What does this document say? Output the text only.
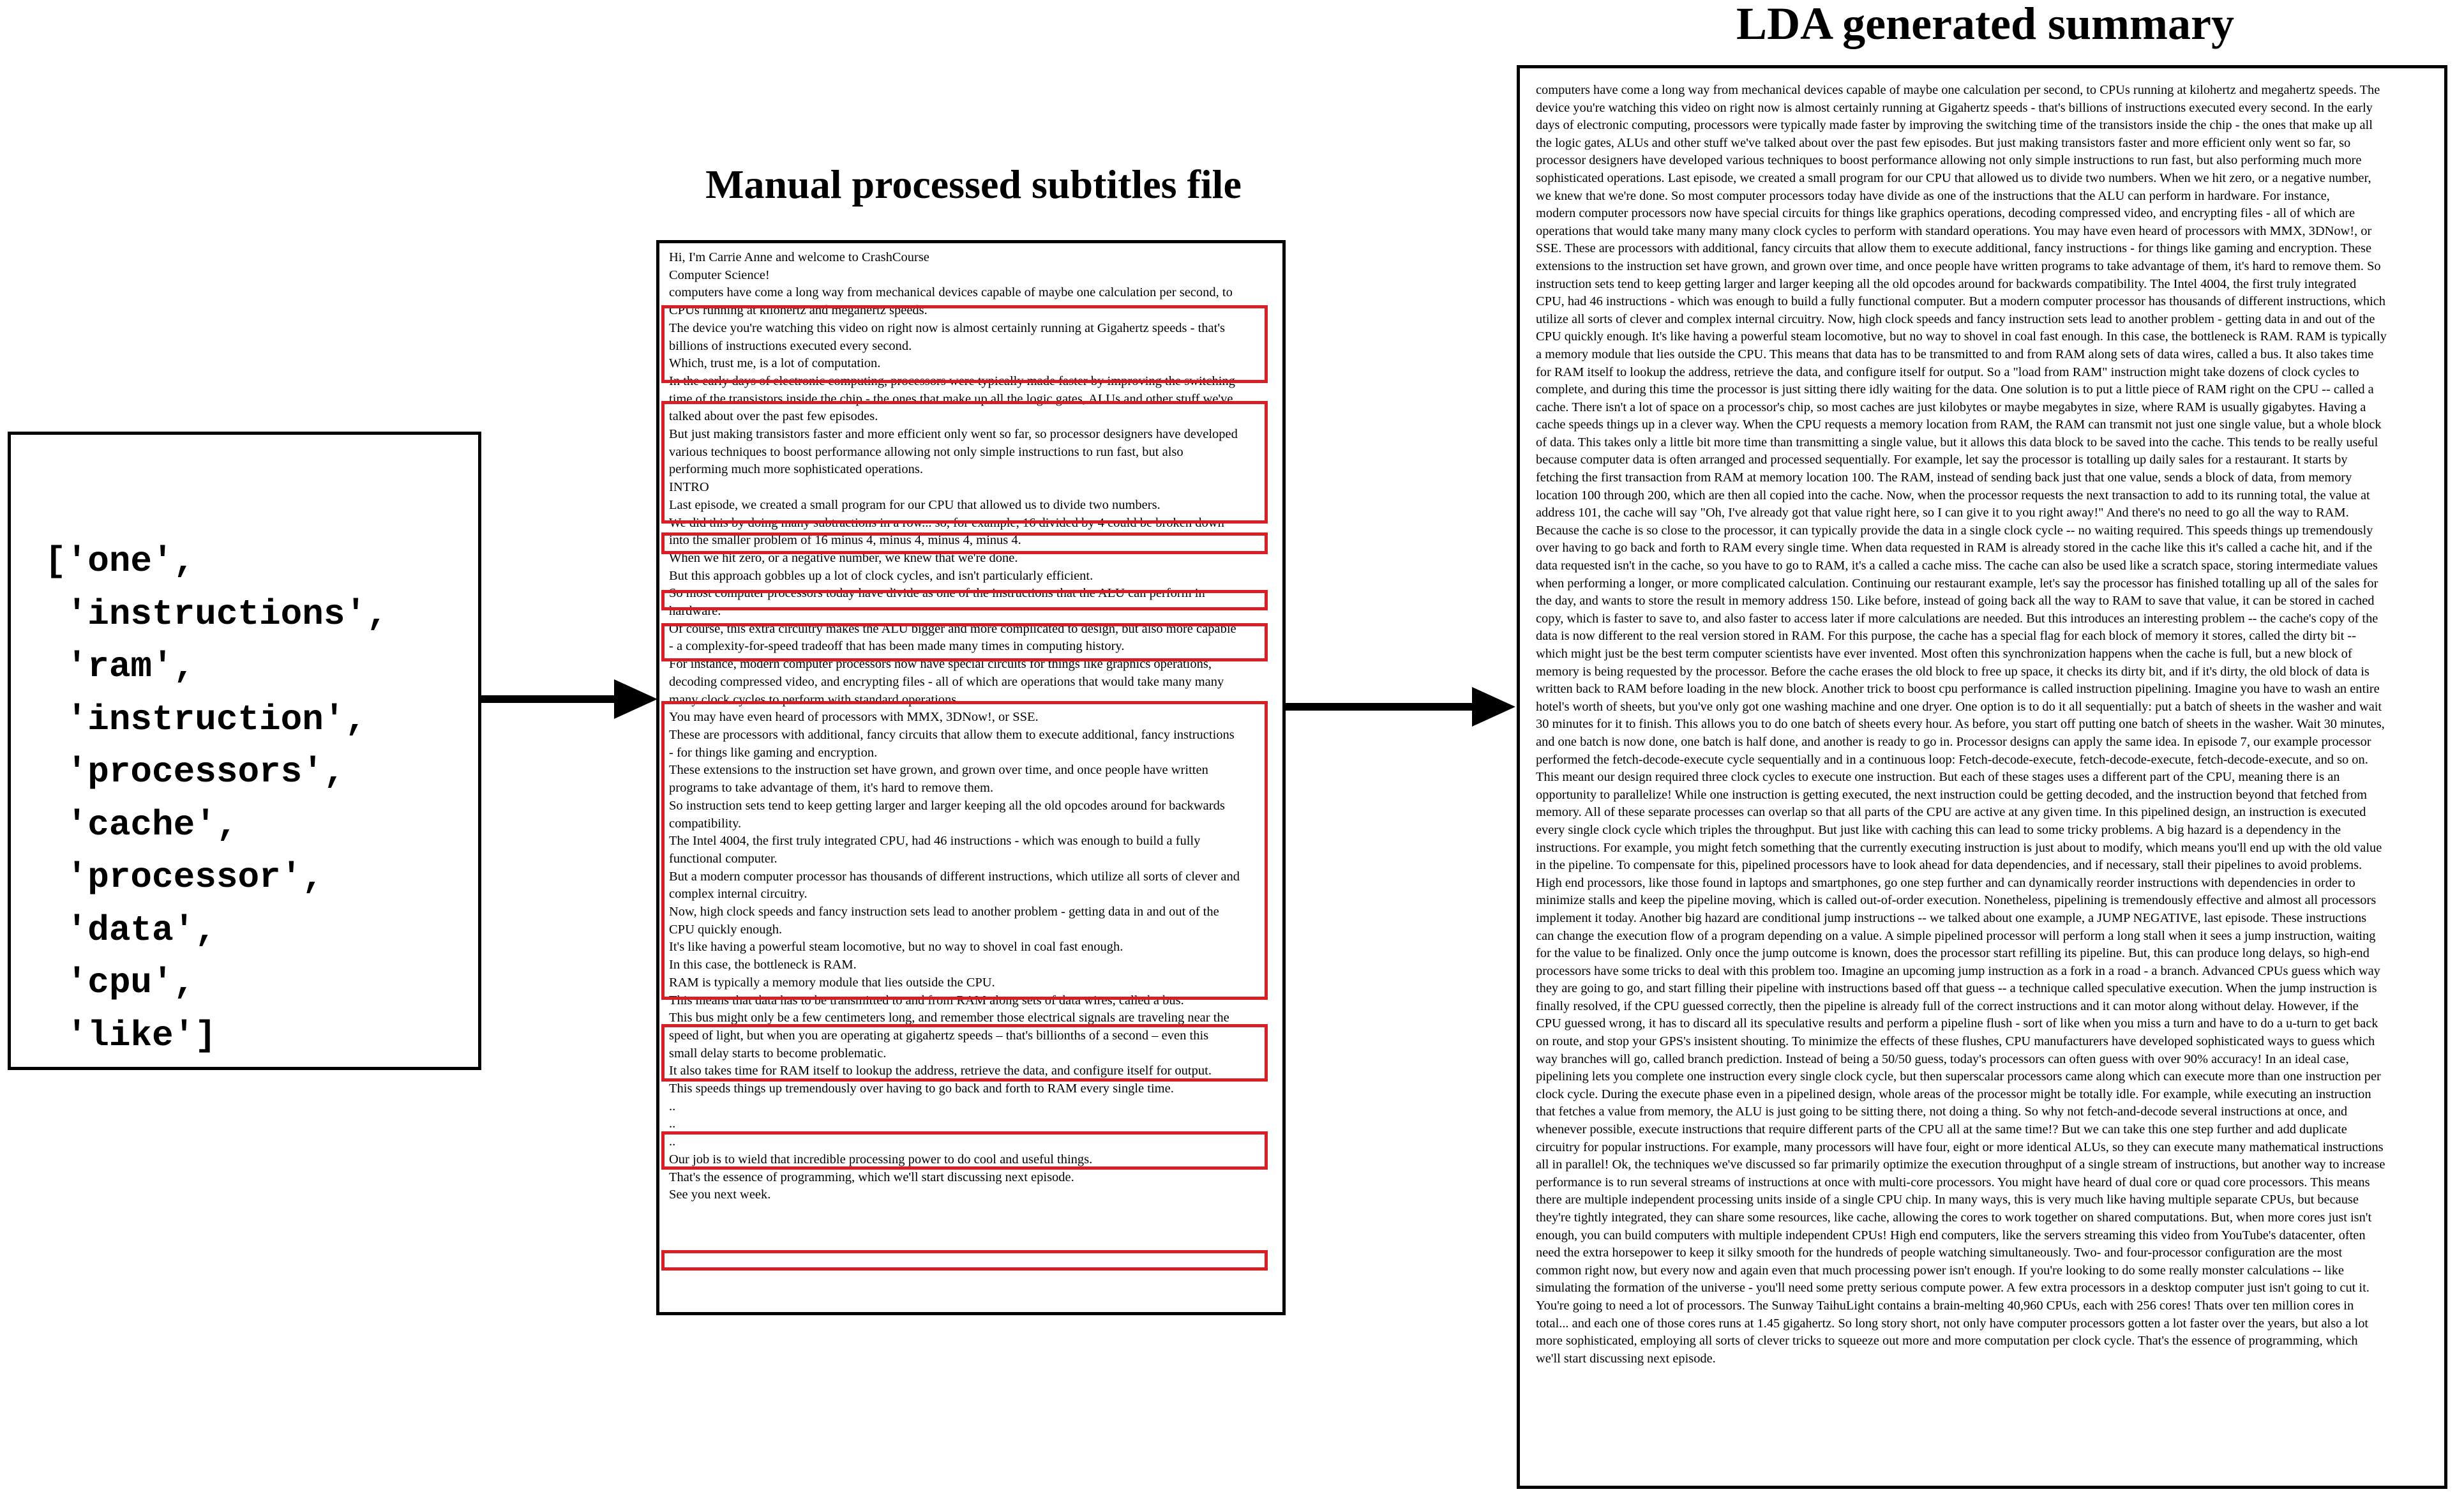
Manual processed subtitles file
LDA generated summary
['one',
'instructions',
'ram',
'instruction',
'processors',
'cache',
'processor',
'data',
'cpu',
'like']
Hi, I'm Carrie Anne and welcome to CrashCourse
Computer Science!
computers have come a long way from mechanical devices capable of maybe one calculation per second, to
CPUs running at kilohertz and megahertz speeds.
The device you're watching this video on right now is almost certainly running at Gigahertz speeds - that's
billions of instructions executed every second.
Which, trust me, is a lot of computation.
In the early days of electronic computing, processors were typically made faster by improving the switching
time of the transistors inside the chip - the ones that make up all the logic gates, ALUs and other stuff we've
talked about over the past few episodes.
But just making transistors faster and more efficient only went so far, so processor designers have developed
various techniques to boost performance allowing not only simple instructions to run fast, but also
performing much more sophisticated operations.
INTRO
Last episode, we created a small program for our CPU that allowed us to divide two numbers.
We did this by doing many subtractions in a row... so, for example, 16 divided by 4 could be broken down
into the smaller problem of 16 minus 4, minus 4, minus 4, minus 4.
When we hit zero, or a negative number, we knew that we're done.
But this approach gobbles up a lot of clock cycles, and isn't particularly efficient.
So most computer processors today have divide as one of the instructions that the ALU can perform in
hardware.
Of course, this extra circuitry makes the ALU bigger and more complicated to design, but also more capable
- a complexity-for-speed tradeoff that has been made many times in computing history.
For instance, modern computer processors now have special circuits for things like graphics operations,
decoding compressed video, and encrypting files - all of which are operations that would take many many
many clock cycles to perform with standard operations.
You may have even heard of processors with MMX, 3DNow!, or SSE.
These are processors with additional, fancy circuits that allow them to execute additional, fancy instructions
- for things like gaming and encryption.
These extensions to the instruction set have grown, and grown over time, and once people have written
programs to take advantage of them, it's hard to remove them.
So instruction sets tend to keep getting larger and larger keeping all the old opcodes around for backwards
compatibility.
The Intel 4004, the first truly integrated CPU, had 46 instructions - which was enough to build a fully
functional computer.
But a modern computer processor has thousands of different instructions, which utilize all sorts of clever and
complex internal circuitry.
Now, high clock speeds and fancy instruction sets lead to another problem - getting data in and out of the
CPU quickly enough.
It's like having a powerful steam locomotive, but no way to shovel in coal fast enough.
In this case, the bottleneck is RAM.
RAM is typically a memory module that lies outside the CPU.
This means that data has to be transmitted to and from RAM along sets of data wires, called a bus.
This bus might only be a few centimeters long, and remember those electrical signals are traveling near the
speed of light, but when you are operating at gigahertz speeds – that's billionths of a second – even this
small delay starts to become problematic.
It also takes time for RAM itself to lookup the address, retrieve the data, and configure itself for output.
This speeds things up tremendously over having to go back and forth to RAM every single time.
..
..
..
Our job is to wield that incredible processing power to do cool and useful things.
That's the essence of programming, which we'll start discussing next episode.
See you next week.
computers have come a long way from mechanical devices capable of maybe one calculation per second, to CPUs running at kilohertz and megahertz speeds. The
device you're watching this video on right now is almost certainly running at Gigahertz speeds - that's billions of instructions executed every second. In the early
days of electronic computing, processors were typically made faster by improving the switching time of the transistors inside the chip - the ones that make up all
the logic gates, ALUs and other stuff we've talked about over the past few episodes. But just making transistors faster and more efficient only went so far, so
processor designers have developed various techniques to boost performance allowing not only simple instructions to run fast, but also performing much more
sophisticated operations. Last episode, we created a small program for our CPU that allowed us to divide two numbers. When we hit zero, or a negative number,
we knew that we're done. So most computer processors today have divide as one of the instructions that the ALU can perform in hardware. For instance,
modern computer processors now have special circuits for things like graphics operations, decoding compressed video, and encrypting files - all of which are
operations that would take many many many clock cycles to perform with standard operations. You may have even heard of processors with MMX, 3DNow!, or
SSE. These are processors with additional, fancy circuits that allow them to execute additional, fancy instructions - for things like gaming and encryption. These
extensions to the instruction set have grown, and grown over time, and once people have written programs to take advantage of them, it's hard to remove them. So
instruction sets tend to keep getting larger and larger keeping all the old opcodes around for backwards compatibility. The Intel 4004, the first truly integrated
CPU, had 46 instructions - which was enough to build a fully functional computer. But a modern computer processor has thousands of different instructions, which
utilize all sorts of clever and complex internal circuitry. Now, high clock speeds and fancy instruction sets lead to another problem - getting data in and out of the
CPU quickly enough. It's like having a powerful steam locomotive, but no way to shovel in coal fast enough. In this case, the bottleneck is RAM. RAM is typically
a memory module that lies outside the CPU. This means that data has to be transmitted to and from RAM along sets of data wires, called a bus. It also takes time
for RAM itself to lookup the address, retrieve the data, and configure itself for output. So a "load from RAM" instruction might take dozens of clock cycles to
complete, and during this time the processor is just sitting there idly waiting for the data. One solution is to put a little piece of RAM right on the CPU -- called a
cache. There isn't a lot of space on a processor's chip, so most caches are just kilobytes or maybe megabytes in size, where RAM is usually gigabytes. Having a
cache speeds things up in a clever way. When the CPU requests a memory location from RAM, the RAM can transmit not just one single value, but a whole block
of data. This takes only a little bit more time than transmitting a single value, but it allows this data block to be saved into the cache. This tends to be really useful
because computer data is often arranged and processed sequentially. For example, let say the processor is totalling up daily sales for a restaurant. It starts by
fetching the first transaction from RAM at memory location 100. The RAM, instead of sending back just that one value, sends a block of data, from memory
location 100 through 200, which are then all copied into the cache. Now, when the processor requests the next transaction to add to its running total, the value at
address 101, the cache will say "Oh, I've already got that value right here, so I can give it to you right away!" And there's no need to go all the way to RAM.
Because the cache is so close to the processor, it can typically provide the data in a single clock cycle -- no waiting required. This speeds things up tremendously
over having to go back and forth to RAM every single time. When data requested in RAM is already stored in the cache like this it's called a cache hit, and if the
data requested isn't in the cache, so you have to go to RAM, it's a called a cache miss. The cache can also be used like a scratch space, storing intermediate values
when performing a longer, or more complicated calculation. Continuing our restaurant example, let's say the processor has finished totalling up all of the sales for
the day, and wants to store the result in memory address 150. Like before, instead of going back all the way to RAM to save that value, it can be stored in cached
copy, which is faster to save to, and also faster to access later if more calculations are needed. But this introduces an interesting problem -- the cache's copy of the
data is now different to the real version stored in RAM. For this purpose, the cache has a special flag for each block of memory it stores, called the dirty bit --
which might just be the best term computer scientists have ever invented. Most often this synchronization happens when the cache is full, but a new block of
memory is being requested by the processor. Before the cache erases the old block to free up space, it checks its dirty bit, and if it's dirty, the old block of data is
written back to RAM before loading in the new block. Another trick to boost cpu performance is called instruction pipelining. Imagine you have to wash an entire
hotel's worth of sheets, but you've only got one washing machine and one dryer. One option is to do it all sequentially: put a batch of sheets in the washer and wait
30 minutes for it to finish. This allows you to do one batch of sheets every hour. As before, you start off putting one batch of sheets in the washer. Wait 30 minutes,
and one batch is now done, one batch is half done, and another is ready to go in. Processor designs can apply the same idea. In episode 7, our example processor
performed the fetch-decode-execute cycle sequentially and in a continuous loop: Fetch-decode-execute, fetch-decode-execute, fetch-decode-execute, and so on.
This meant our design required three clock cycles to execute one instruction. But each of these stages uses a different part of the CPU, meaning there is an
opportunity to parallelize! While one instruction is getting executed, the next instruction could be getting decoded, and the instruction beyond that fetched from
memory. All of these separate processes can overlap so that all parts of the CPU are active at any given time. In this pipelined design, an instruction is executed
every single clock cycle which triples the throughput. But just like with caching this can lead to some tricky problems. A big hazard is a dependency in the
instructions. For example, you might fetch something that the currently executing instruction is just about to modify, which means you'll end up with the old value
in the pipeline. To compensate for this, pipelined processors have to look ahead for data dependencies, and if necessary, stall their pipelines to avoid problems.
High end processors, like those found in laptops and smartphones, go one step further and can dynamically reorder instructions with dependencies in order to
minimize stalls and keep the pipeline moving, which is called out-of-order execution. Nonetheless, pipelining is tremendously effective and almost all processors
implement it today. Another big hazard are conditional jump instructions -- we talked about one example, a JUMP NEGATIVE, last episode. These instructions
can change the execution flow of a program depending on a value. A simple pipelined processor will perform a long stall when it sees a jump instruction, waiting
for the value to be finalized. Only once the jump outcome is known, does the processor start refilling its pipeline. But, this can produce long delays, so high-end
processors have some tricks to deal with this problem too. Imagine an upcoming jump instruction as a fork in a road - a branch. Advanced CPUs guess which way
they are going to go, and start filling their pipeline with instructions based off that guess -- a technique called speculative execution. When the jump instruction is
finally resolved, if the CPU guessed correctly, then the pipeline is already full of the correct instructions and it can motor along without delay. However, if the
CPU guessed wrong, it has to discard all its speculative results and perform a pipeline flush - sort of like when you miss a turn and have to do a u-turn to get back
on route, and stop your GPS's insistent shouting. To minimize the effects of these flushes, CPU manufacturers have developed sophisticated ways to guess which
way branches will go, called branch prediction. Instead of being a 50/50 guess, today's processors can often guess with over 90% accuracy! In an ideal case,
pipelining lets you complete one instruction every single clock cycle, but then superscalar processors came along which can execute more than one instruction per
clock cycle. During the execute phase even in a pipelined design, whole areas of the processor might be totally idle. For example, while executing an instruction
that fetches a value from memory, the ALU is just going to be sitting there, not doing a thing. So why not fetch-and-decode several instructions at once, and
whenever possible, execute instructions that require different parts of the CPU all at the same time!? But we can take this one step further and add duplicate
circuitry for popular instructions. For example, many processors will have four, eight or more identical ALUs, so they can execute many mathematical instructions
all in parallel! Ok, the techniques we've discussed so far primarily optimize the execution throughput of a single stream of instructions, but another way to increase
performance is to run several streams of instructions at once with multi-core processors. You might have heard of dual core or quad core processors. This means
there are multiple independent processing units inside of a single CPU chip. In many ways, this is very much like having multiple separate CPUs, but because
they're tightly integrated, they can share some resources, like cache, allowing the cores to work together on shared computations. But, when more cores just isn't
enough, you can build computers with multiple independent CPUs! High end computers, like the servers streaming this video from YouTube's datacenter, often
need the extra horsepower to keep it silky smooth for the hundreds of people watching simultaneously. Two- and four-processor configuration are the most
common right now, but every now and again even that much processing power isn't enough. If you're looking to do some really monster calculations -- like
simulating the formation of the universe - you'll need some pretty serious compute power. A few extra processors in a desktop computer just isn't going to cut it.
You're going to need a lot of processors. The Sunway TaihuLight contains a brain-melting 40,960 CPUs, each with 256 cores! Thats over ten million cores in
total... and each one of those cores runs at 1.45 gigahertz. So long story short, not only have computer processors gotten a lot faster over the years, but also a lot
more sophisticated, employing all sorts of clever tricks to squeeze out more and more computation per clock cycle. That's the essence of programming, which
we'll start discussing next episode.
